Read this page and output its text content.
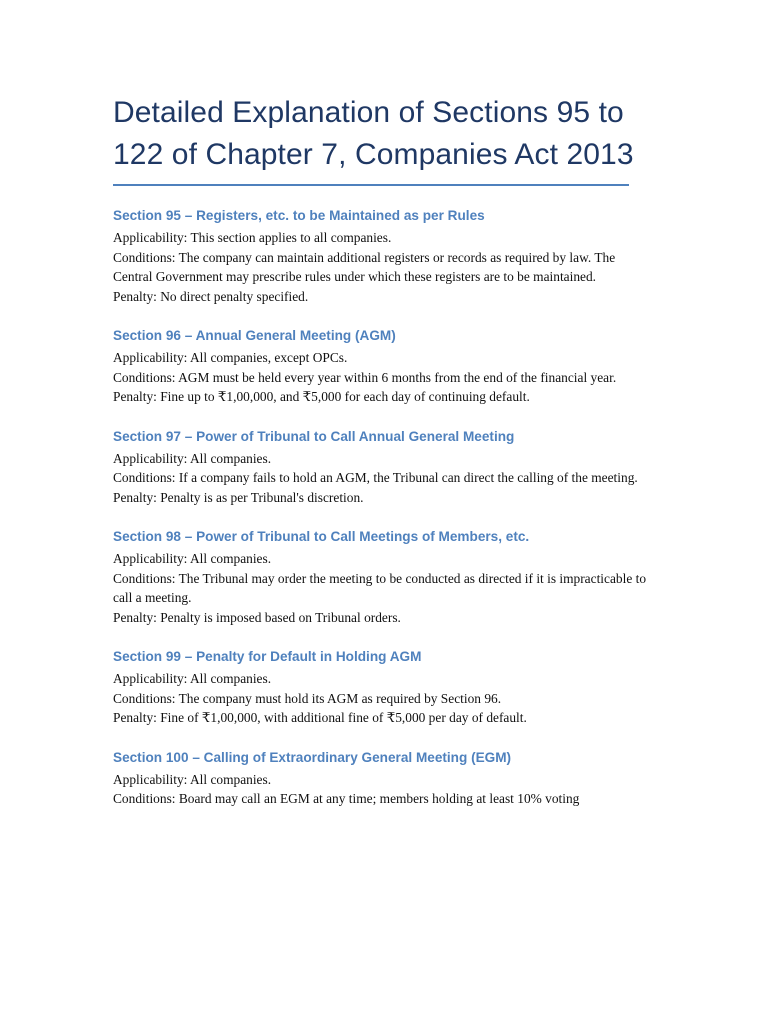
Detailed Explanation of Sections 95 to 122 of Chapter 7, Companies Act 2013

Section 95 – Registers, etc. to be Maintained as per Rules

Applicability: This section applies to all companies.

Conditions: The company can maintain additional registers or records as required by law. The Central Government may prescribe rules under which these registers are to be maintained.

Penalty: No direct penalty specified.

Section 96 – Annual General Meeting (AGM)

Applicability: All companies, except OPCs.

Conditions: AGM must be held every year within 6 months from the end of the financial year.

Penalty: Fine up to ₹1,00,000, and ₹5,000 for each day of continuing default.

Section 97 – Power of Tribunal to Call Annual General Meeting

Applicability: All companies.

Conditions: If a company fails to hold an AGM, the Tribunal can direct the calling of the meeting.

Penalty: Penalty is as per Tribunal's discretion.

Section 98 – Power of Tribunal to Call Meetings of Members, etc.

Applicability: All companies.

Conditions: The Tribunal may order the meeting to be conducted as directed if it is impracticable to call a meeting.

Penalty: Penalty is imposed based on Tribunal orders.

Section 99 – Penalty for Default in Holding AGM

Applicability: All companies.

Conditions: The company must hold its AGM as required by Section 96.

Penalty: Fine of ₹1,00,000, with additional fine of ₹5,000 per day of default.

Section 100 – Calling of Extraordinary General Meeting (EGM)

Applicability: All companies.

Conditions: Board may call an EGM at any time; members holding at least 10% voting
